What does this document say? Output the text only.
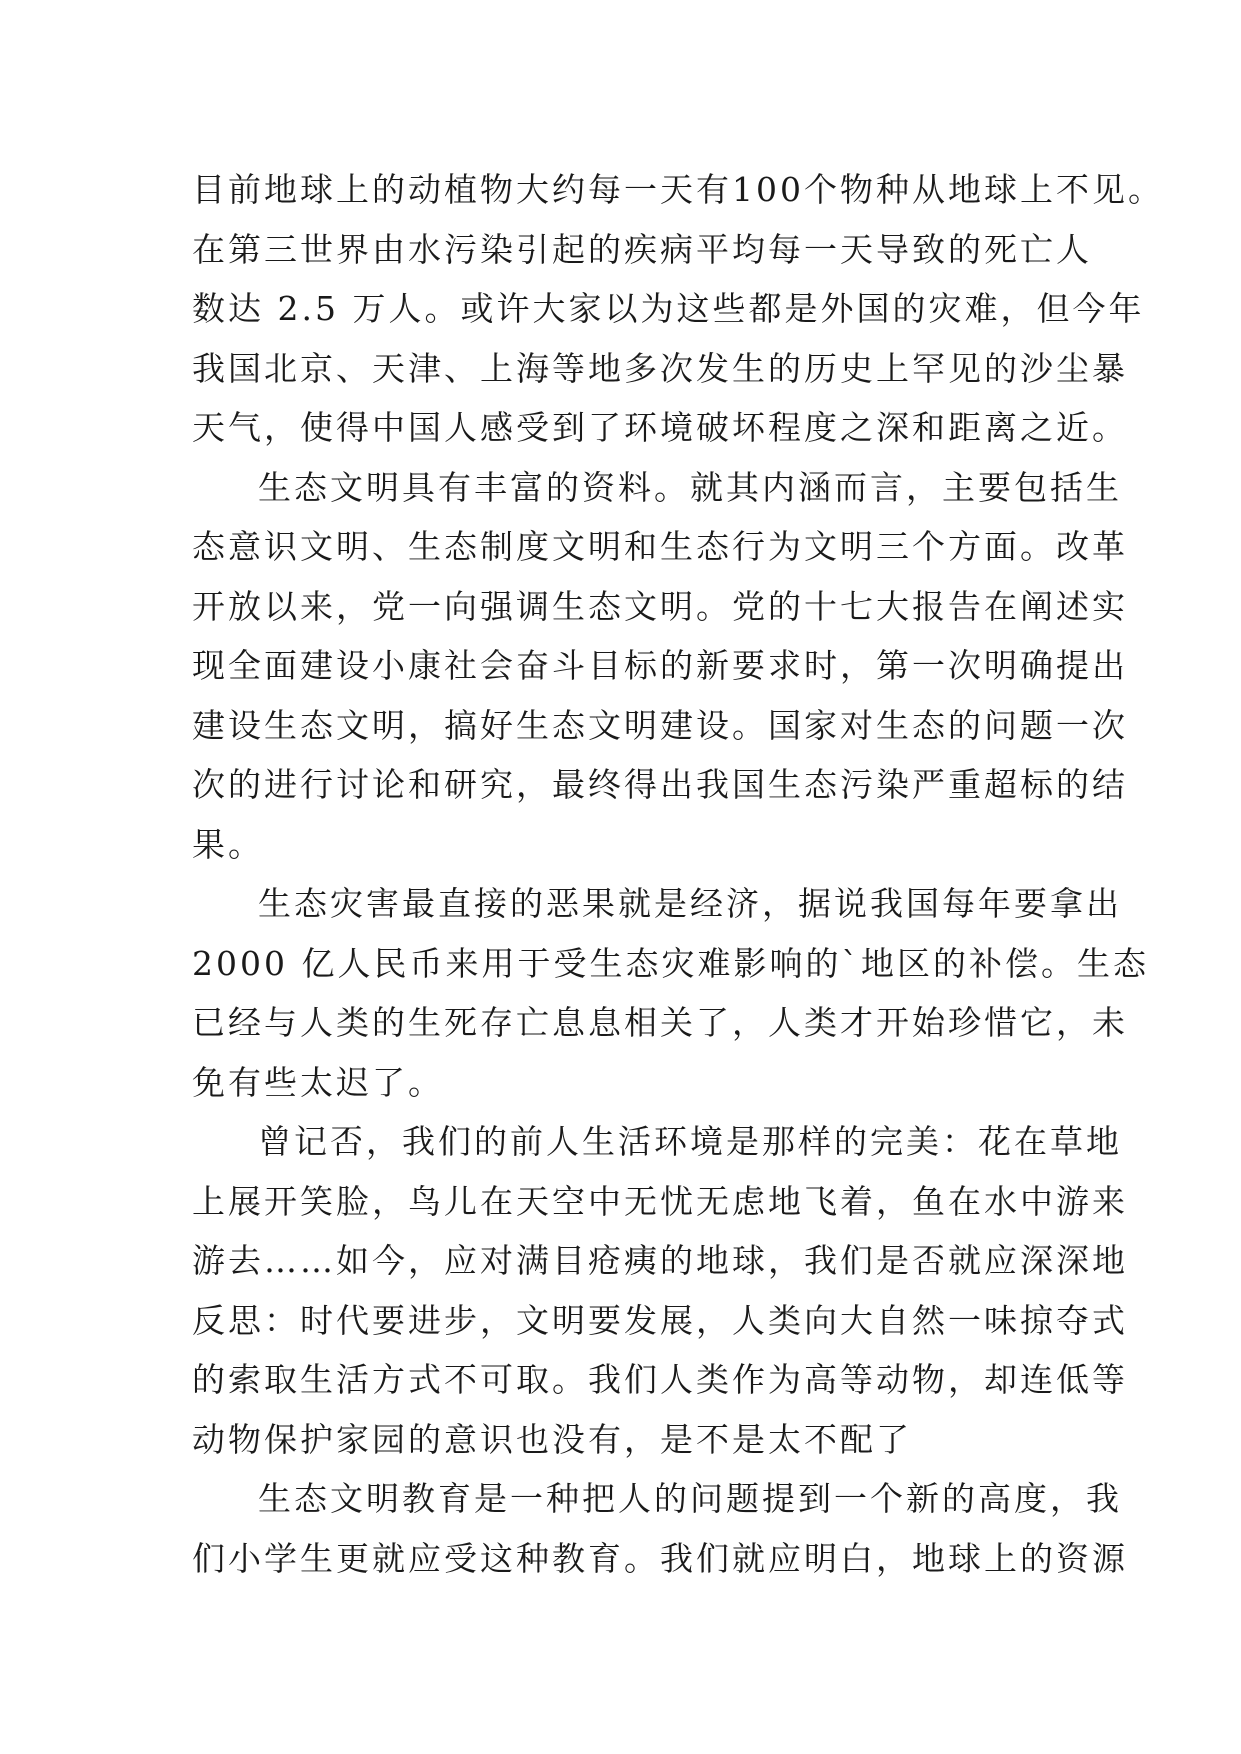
目前地球上的动植物大约每一天有100个物种从地球上不见。
在第三世界由水污染引起的疾病平均每一天导致的死亡人
数达 2.5 万人。或许大家以为这些都是外国的灾难，但今年
我国北京、天津、上海等地多次发生的历史上罕见的沙尘暴
天气，使得中国人感受到了环境破坏程度之深和距离之近。
生态文明具有丰富的资料。就其内涵而言，主要包括生
态意识文明、生态制度文明和生态行为文明三个方面。改革
开放以来，党一向强调生态文明。党的十七大报告在阐述实
现全面建设小康社会奋斗目标的新要求时，第一次明确提出
建设生态文明，搞好生态文明建设。国家对生态的问题一次
次的进行讨论和研究，最终得出我国生态污染严重超标的结
果。
生态灾害最直接的恶果就是经济，据说我国每年要拿出
2000 亿人民币来用于受生态灾难影响的`地区的补偿。生态
已经与人类的生死存亡息息相关了，人类才开始珍惜它，未
免有些太迟了。
曾记否，我们的前人生活环境是那样的完美：花在草地
上展开笑脸，鸟儿在天空中无忧无虑地飞着，鱼在水中游来
游去……如今，应对满目疮痍的地球，我们是否就应深深地
反思：时代要进步，文明要发展，人类向大自然一味掠夺式
的索取生活方式不可取。我们人类作为高等动物，却连低等
动物保护家园的意识也没有，是不是太不配了
生态文明教育是一种把人的问题提到一个新的高度，我
们小学生更就应受这种教育。我们就应明白，地球上的资源
